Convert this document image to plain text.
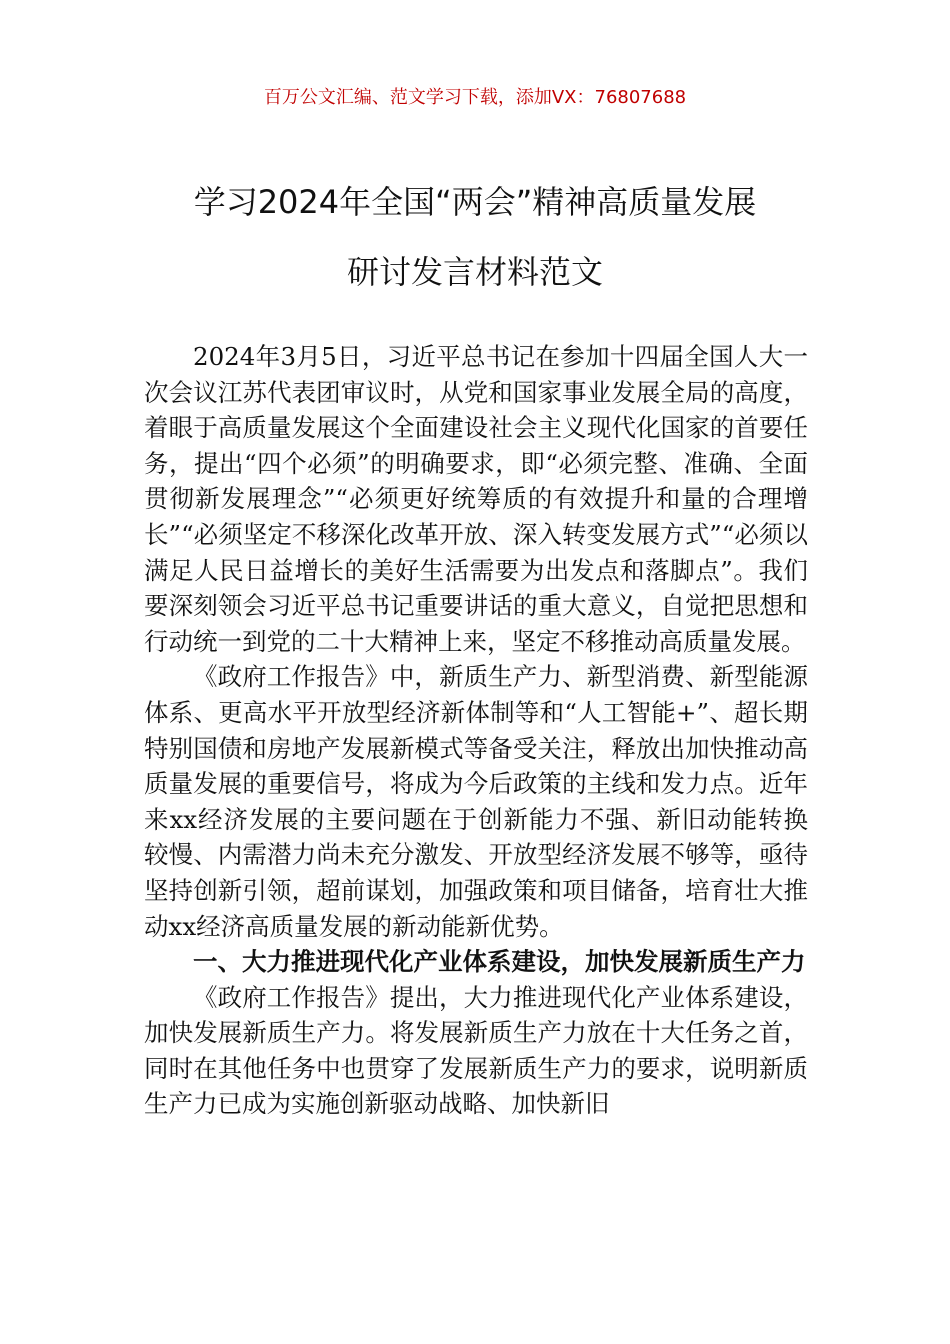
百万公文汇编、范文学习下载，添加VX：76807688
学习2024年全国“两会”精神高质量发展
研讨发言材料范文

2024年3月5日，习近平总书记在参加十四届全国人大一次会议江苏代表团审议时，从党和国家事业发展全局的高度，着眼于高质量发展这个全面建设社会主义现代化国家的首要任务，提出“四个必须”的明确要求，即“必须完整、准确、全面贯彻新发展理念”“必须更好统筹质的有效提升和量的合理增长”“必须坚定不移深化改革开放、深入转变发展方式”“必须以满足人民日益增长的美好生活需要为出发点和落脚点”。我们要深刻领会习近平总书记重要讲话的重大意义，自觉把思想和行动统一到党的二十大精神上来，坚定不移推动高质量发展。

《政府工作报告》中，新质生产力、新型消费、新型能源体系、更高水平开放型经济新体制等和“人工智能+”、超长期特别国债和房地产发展新模式等备受关注，释放出加快推动高质量发展的重要信号，将成为今后政策的主线和发力点。近年来xx经济发展的主要问题在于创新能力不强、新旧动能转换较慢、内需潜力尚未充分激发、开放型经济发展不够等，亟待坚持创新引领，超前谋划，加强政策和项目储备，培育壮大推动xx经济高质量发展的新动能新优势。

一、大力推进现代化产业体系建设，加快发展新质生产力

《政府工作报告》提出，大力推进现代化产业体系建设，加快发展新质生产力。将发展新质生产力放在十大任务之首，同时在其他任务中也贯穿了发展新质生产力的要求，说明新质生产力已成为实施创新驱动战略、加快新旧
